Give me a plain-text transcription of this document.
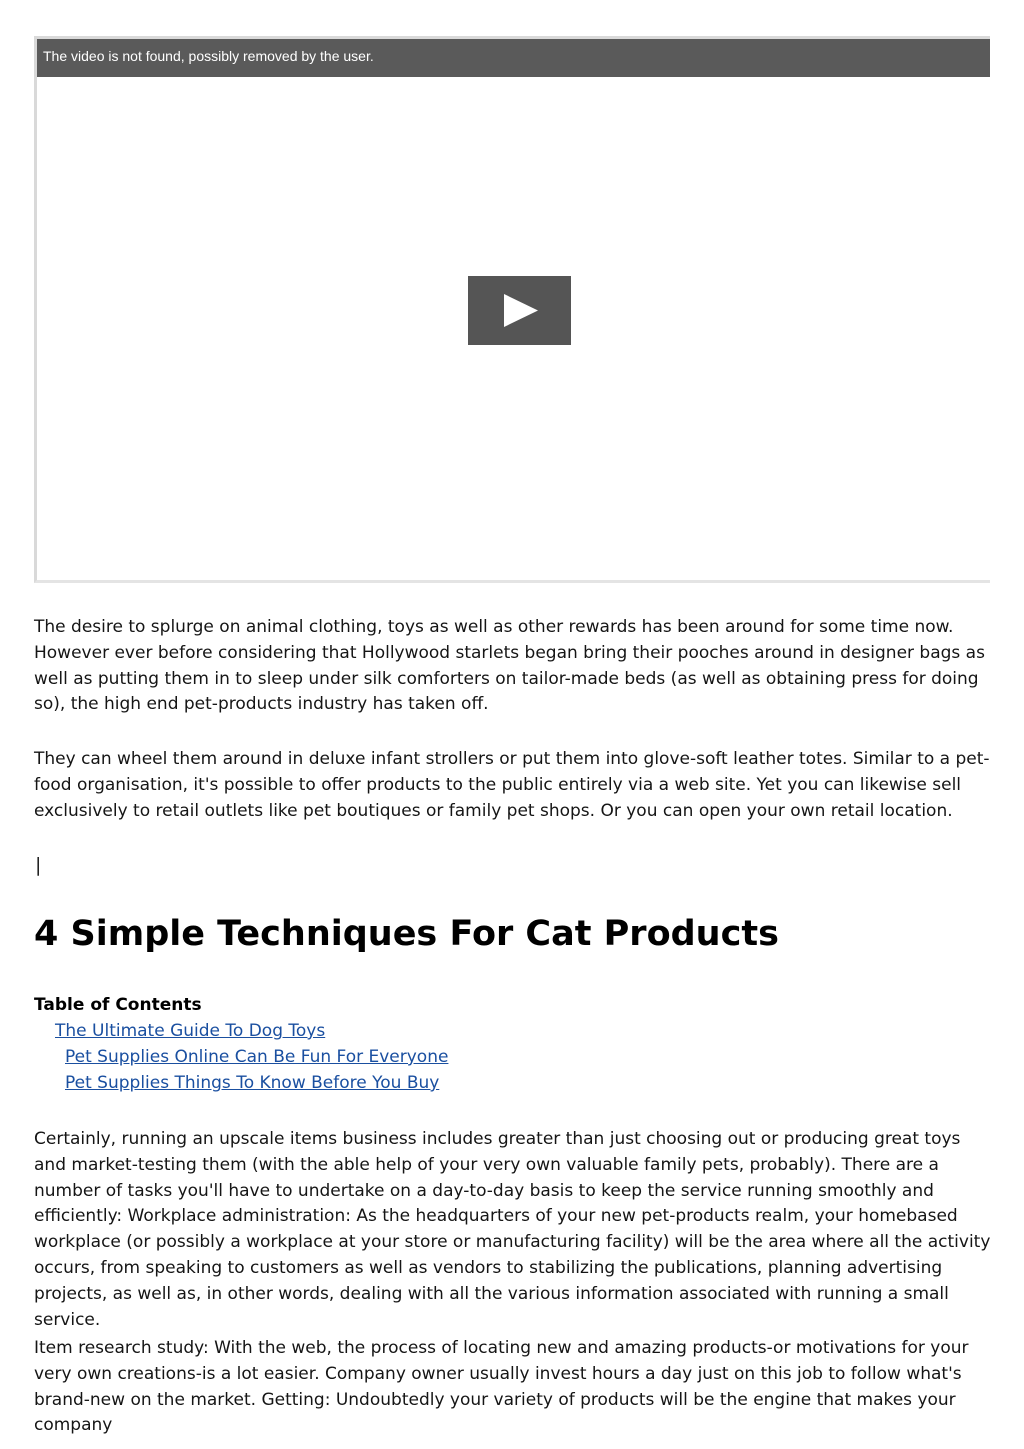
The video is not found, possibly removed by the user.
The desire to splurge on animal clothing, toys as well as other rewards has been around for some time now. However ever before considering that Hollywood starlets began bring their pooches around in designer bags as well as putting them in to sleep under silk comforters on tailor-made beds (as well as obtaining press for doing so), the high end pet-products industry has taken off.
They can wheel them around in deluxe infant strollers or put them into glove-soft leather totes. Similar to a pet-food organisation, it's possible to offer products to the public entirely via a web site. Yet you can likewise sell exclusively to retail outlets like pet boutiques or family pet shops. Or you can open your own retail location.
|
4 Simple Techniques For Cat Products
Table of Contents
The Ultimate Guide To Dog Toys
Pet Supplies Online Can Be Fun For Everyone
Pet Supplies Things To Know Before You Buy
Certainly, running an upscale items business includes greater than just choosing out or producing great toys and market-testing them (with the able help of your very own valuable family pets, probably). There are a number of tasks you'll have to undertake on a day-to-day basis to keep the service running smoothly and efficiently: Workplace administration: As the headquarters of your new pet-products realm, your homebased workplace (or possibly a workplace at your store or manufacturing facility) will be the area where all the activity occurs, from speaking to customers as well as vendors to stabilizing the publications, planning advertising projects, as well as, in other words, dealing with all the various information associated with running a small service.
Item research study: With the web, the process of locating new and amazing products-or motivations for your very own creations-is a lot easier. Company owner usually invest hours a day just on this job to follow what's brand-new on the market. Getting: Undoubtedly your variety of products will be the engine that makes your company
